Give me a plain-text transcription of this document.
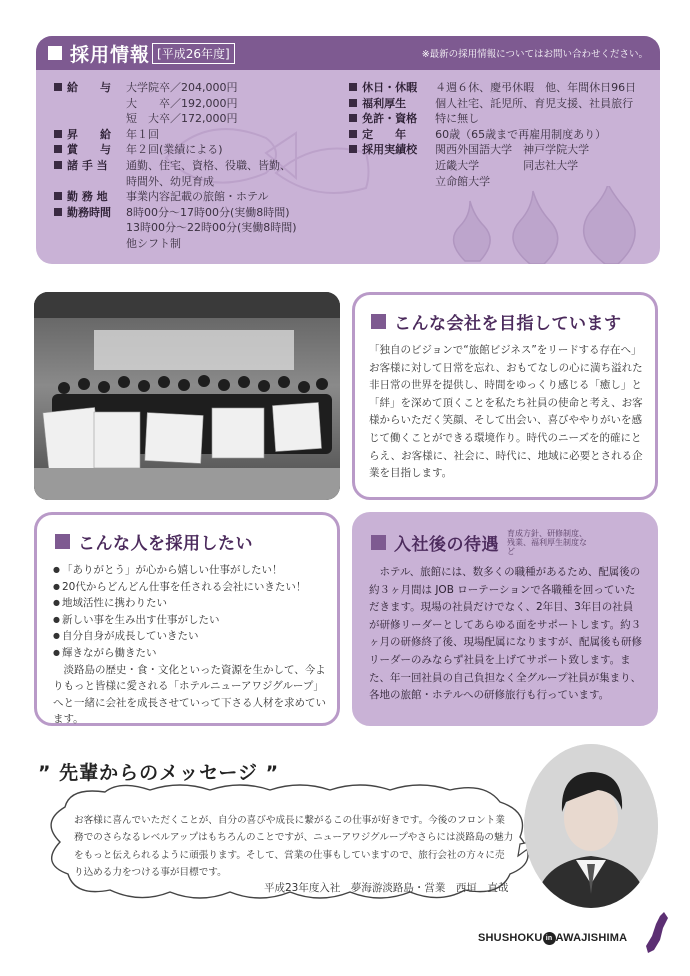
採用情報 [平成26年度]	※最新の採用情報についてはお問い合わせください。
給　　与	大学院卒／204,000円
大　　卒／192,000円
短　大卒／172,000円
昇　　給	年１回
賞　　与	年２回(業績による)
諸 手 当	通勤、住宅、資格、役職、皆勤、
時間外、幼児育成
勤 務 地	事業内容記載の旅館・ホテル
勤務時間	8時00分〜17時00分(実働8時間)
13時00分〜22時00分(実働8時間)
他シフト制
休日・休暇	４週６休、慶弔休暇　他、年間休日96日
福利厚生	個人社宅、託児所、育児支援、社員旅行
免許・資格	特に無し
定　　年	60歳（65歳まで再雇用制度あり）
採用実績校	関西外国語大学　神戸学院大学
近畿大学　　　　同志社大学
立命館大学
こんな会社を目指しています

「独自のビジョンで“旅館ビジネス”をリードする存在へ」お客様に対して日常を忘れ、おもてなしの心に満ち溢れた非日常の世界を提供し、時間をゆっくり感じる「癒し」と「絆」を深めて頂くことを私たち社員の使命と考え、お客様からいただく笑顔、そして出会い、喜びややりがいを感じて働くことができる環境作り。時代のニーズを的確にとらえ、お客様に、社会に、時代に、地域に必要とされる企業を目指します。

こんな人を採用したい
● 「ありがとう」が心から嬉しい仕事がしたい！
● 20代からどんどん仕事を任される会社にいきたい！
● 地域活性に携わりたい
● 新しい事を生み出す仕事がしたい
● 自分自身が成長していきたい
● 輝きながら働きたい

淡路島の歴史・食・文化といった資源を生かして、今よりもっと皆様に愛される「ホテルニューアワジグループ」へと一緒に会社を成長させていって下さる人材を求めています。

入社後の待遇
育成方針、研修制度、残業、福利厚生制度など

ホテル、旅館には、数多くの職種があるため、配属後の約３ヶ月間は JOB ローテーションで各職種を回っていただきます。現場の社員だけでなく、2年目、3年目の社員が研修リーダーとしてあらゆる面をサポートします。約３ヶ月の研修終了後、現場配属になりますが、配属後も研修リーダーのみならず社員を上げてサポート致します。また、年一回社員の自己負担なく全グループ社員が集まり、各地の旅館・ホテルへの研修旅行も行っています。

” 先輩からのメッセージ ”

お客様に喜んでいただくことが、自分の喜びや成長に繋がるこの仕事が好きです。今後のフロント業務でのさらなるレベルアップはもちろんのことですが、ニューアワジグループやさらには淡路島の魅力をもっと伝えられるように頑張ります。そして、営業の仕事もしていますので、旅行会社の方々に売り込める力をつける事が目標です。

平成23年度入社　夢海游淡路島・営業　西垣　直哉
SHUSHOKU in AWAJISHIMA
